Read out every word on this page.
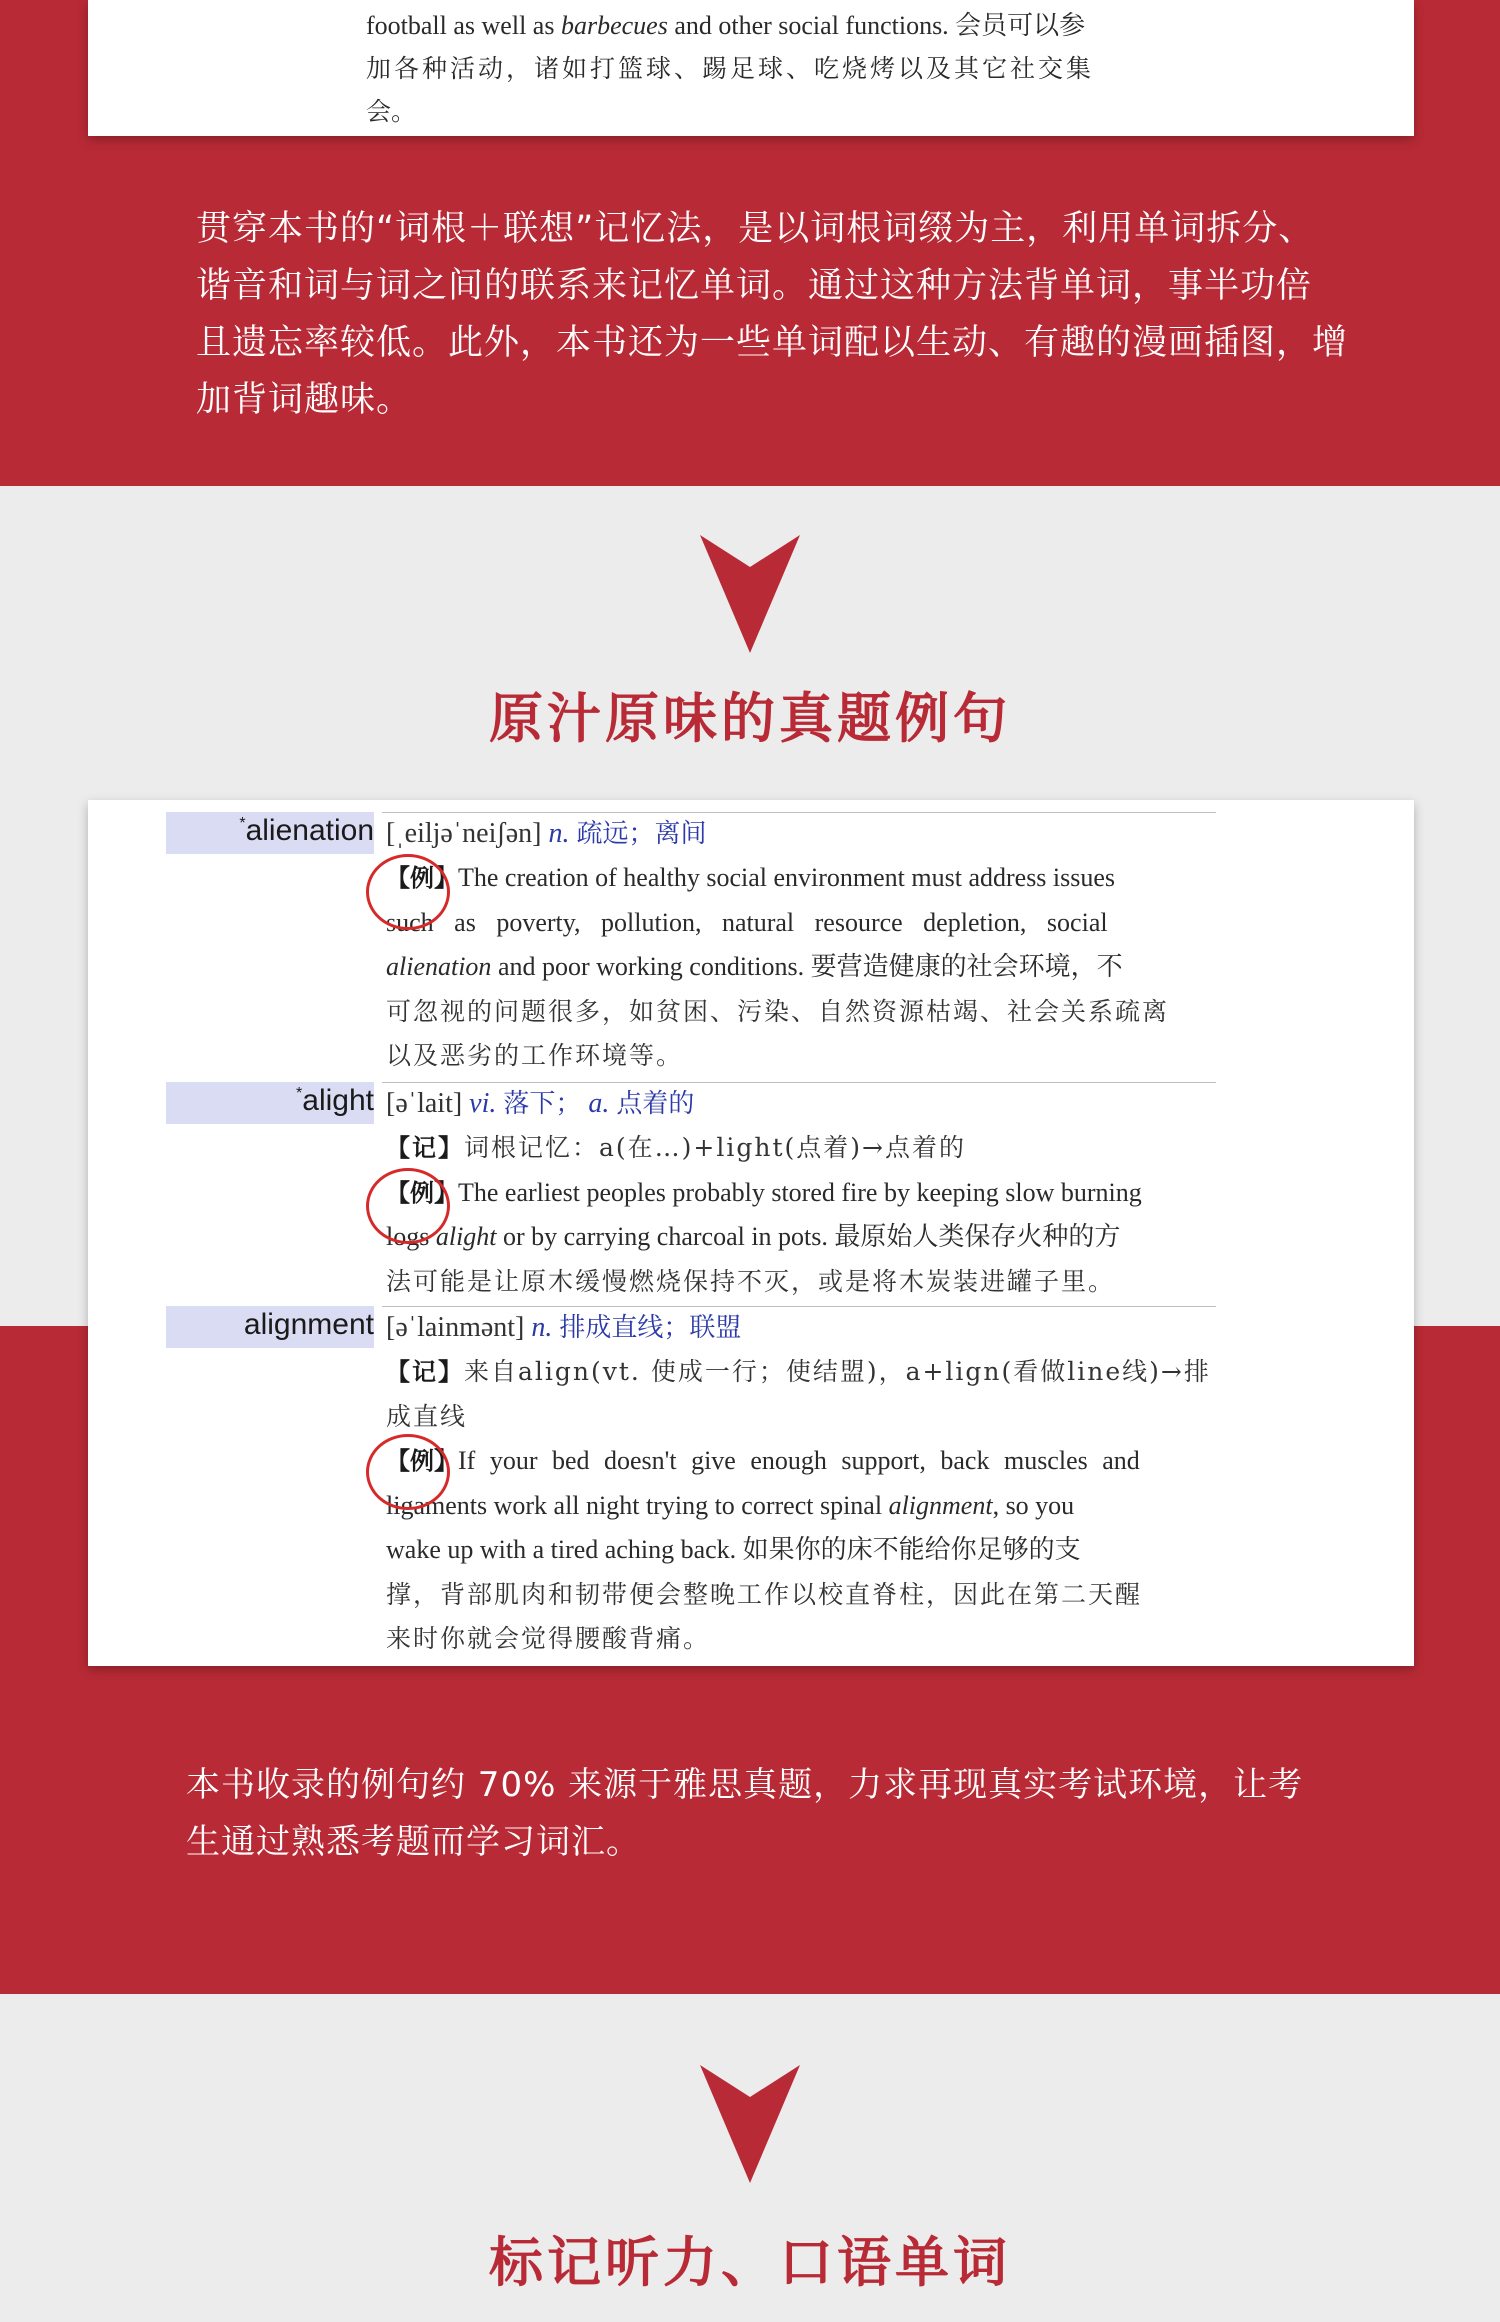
football as well as barbecues and other social functions. 会员可以参
加各种活动，诸如打篮球、踢足球、吃烧烤以及其它社交集
会。
贯穿本书的“词根＋联想”记忆法，是以词根词缀为主，利用单词拆分、
谐音和词与词之间的联系来记忆单词。通过这种方法背单词，事半功倍
且遗忘率较低。此外，本书还为一些单词配以生动、有趣的漫画插图，增
加背词趣味。
原汁原味的真题例句
*alienation [ˌeiljəˈneiʃən] n. 疏远；离间
【例】The creation of healthy social environment must address issues
such as poverty, pollution, natural resource depletion, social
alienation and poor working conditions. 要营造健康的社会环境，不
可忽视的问题很多，如贫困、污染、自然资源枯竭、社会关系疏离
以及恶劣的工作环境等。
*alight [əˈlait] vi. 落下； a. 点着的
【记】词根记忆：a(在…)+light(点着)→点着的
【例】The earliest peoples probably stored fire by keeping slow burning
logs alight or by carrying charcoal in pots. 最原始人类保存火种的方
法可能是让原木缓慢燃烧保持不灭，或是将木炭装进罐子里。
alignment [əˈlainmənt] n. 排成直线；联盟
【记】来自align(vt. 使成一行；使结盟)，a+lign(看做line线)→排
成直线
【例】If your bed doesn't give enough support, back muscles and
ligaments work all night trying to correct spinal alignment, so you
wake up with a tired aching back. 如果你的床不能给你足够的支
撑，背部肌肉和韧带便会整晚工作以校直脊柱，因此在第二天醒
来时你就会觉得腰酸背痛。
本书收录的例句约 70% 来源于雅思真题，力求再现真实考试环境，让考
生通过熟悉考题而学习词汇。
标记听力、口语单词
